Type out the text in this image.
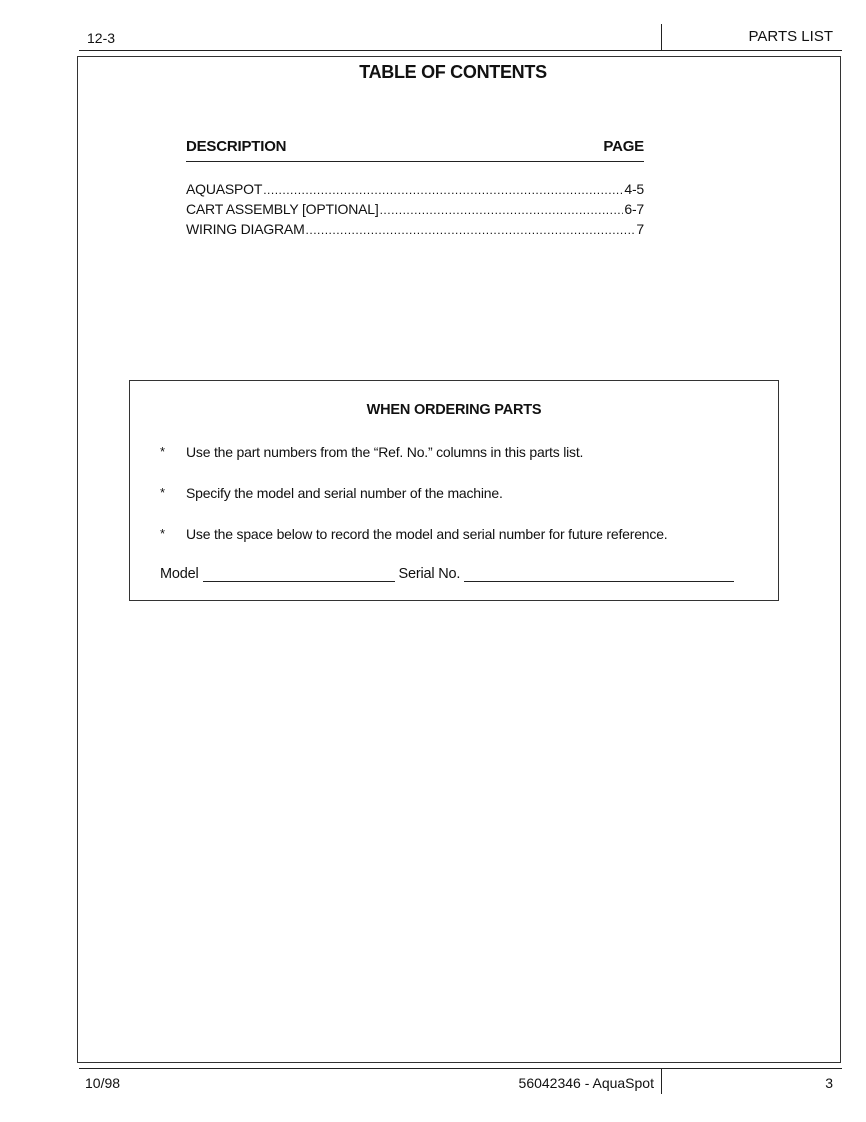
12-3	PARTS LIST
TABLE OF CONTENTS
DESCRIPTION	PAGE
AQUASPOT .....	4-5
CART ASSEMBLY [OPTIONAL] .....	6-7
WIRING DIAGRAM .....	7
WHEN ORDERING PARTS
* Use the part numbers from the “Ref. No.” columns in this parts list.
* Specify the model and serial number of the machine.
* Use the space below to record the model and serial number for future reference.
Model	Serial No.
10/98	56042346 - AquaSpot	3
